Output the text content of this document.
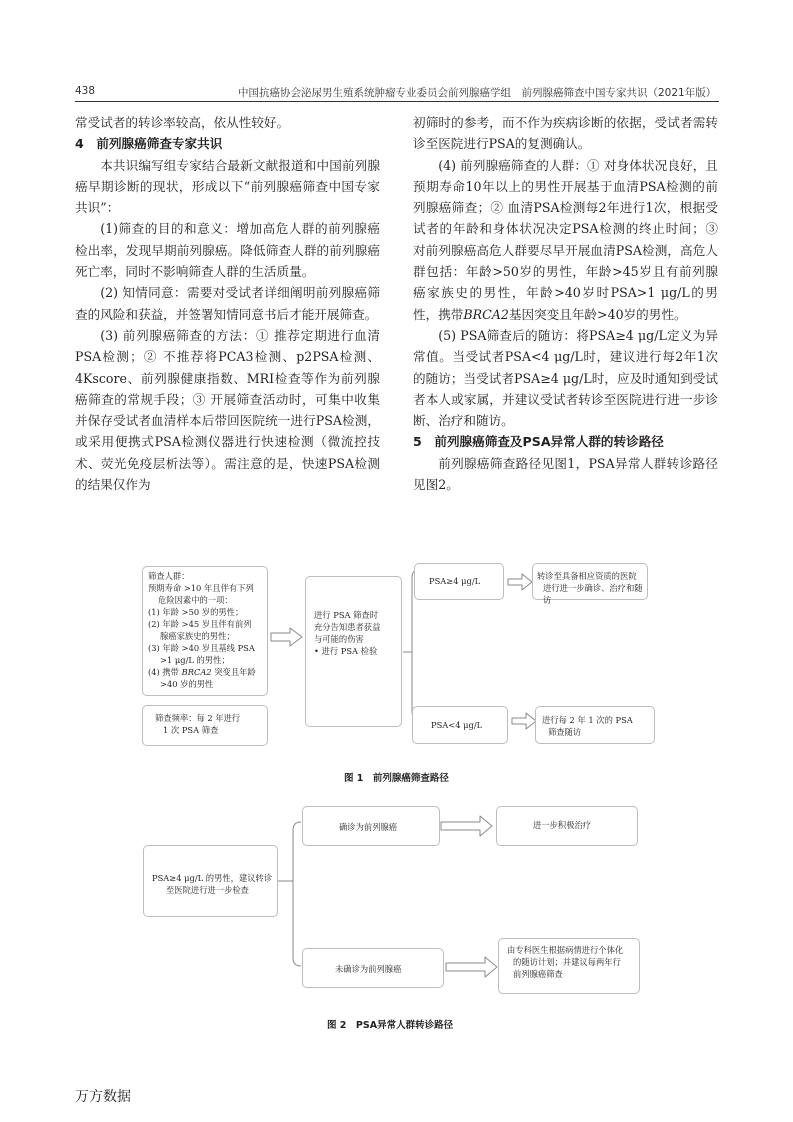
438	中国抗癌协会泌尿男生殖系统肿瘤专业委员会前列腺癌学组　前列腺癌筛查中国专家共识（2021年版）

常受试者的转诊率较高，依从性较好。

4　前列腺癌筛查专家共识

本共识编写组专家结合最新文献报道和中国前列腺癌早期诊断的现状，形成以下“前列腺癌筛查中国专家共识”：

(1)筛查的目的和意义：增加高危人群的前列腺癌检出率，发现早期前列腺癌。降低筛查人群的前列腺癌死亡率，同时不影响筛查人群的生活质量。

(2) 知情同意：需要对受试者详细阐明前列腺癌筛查的风险和获益，并签署知情同意书后才能开展筛查。

(3) 前列腺癌筛查的方法：① 推荐定期进行血清PSA检测；② 不推荐将PCA3检测、p2PSA检测、4Kscore、前列腺健康指数、MRI检查等作为前列腺癌筛查的常规手段；③ 开展筛查活动时，可集中收集并保存受试者血清样本后带回医院统一进行PSA检测，或采用便携式PSA检测仪器进行快速检测（微流控技术、荧光免疫层析法等）。需注意的是，快速PSA检测的结果仅作为

初筛时的参考，而不作为疾病诊断的依据，受试者需转诊至医院进行PSA的复测确认。

(4) 前列腺癌筛查的人群：① 对身体状况良好，且预期寿命10年以上的男性开展基于血清PSA检测的前列腺癌筛查；② 血清PSA检测每2年进行1次，根据受试者的年龄和身体状况决定PSA检测的终止时间；③ 对前列腺癌高危人群要尽早开展血清PSA检测，高危人群包括：年龄>50岁的男性，年龄>45岁且有前列腺癌家族史的男性，年龄>40岁时PSA>1 μg/L的男性，携带BRCA2基因突变且年龄>40岁的男性。

(5) PSA筛查后的随访：将PSA≥4 μg/L定义为异常值。当受试者PSA<4 μg/L时，建议进行每2年1次的随访；当受试者PSA≥4 μg/L时，应及时通知到受试者本人或家属，并建议受试者转诊至医院进行进一步诊断、治疗和随访。

5　前列腺癌筛查及PSA异常人群的转诊路径

前列腺癌筛查路径见图1，PSA异常人群转诊路径见图2。

筛查人群：
预期寿命 >10 年且伴有下列
危险因素中的一项：
(1) 年龄 >50 岁的男性；
(2) 年龄 >45 岁且伴有前列
腺癌家族史的男性；
(3) 年龄 >40 岁且基线 PSA
>1 μg/L 的男性；
(4) 携带 BRCA2 突变且年龄
>40 岁的男性
筛查频率：每 2 年进行
1 次 PSA 筛查
进行 PSA 筛查时
充分告知患者获益
与可能的伤害
• 进行 PSA 检验
PSA≥4 μg/L	转诊至具备相应资质的医院
进行进一步确诊、治疗和随访
PSA<4 μg/L	进行每 2 年 1 次的 PSA
筛查随访
图 1　前列腺癌筛查路径
PSA≥4 μg/L 的男性，建议转诊
至医院进行进一步检查
确诊为前列腺癌	进一步积极治疗
未确诊为前列腺癌
由专科医生根据病情进行个体化
的随访计划；并建议每两年行
前列腺癌筛查
图 2　PSA异常人群转诊路径
万方数据
